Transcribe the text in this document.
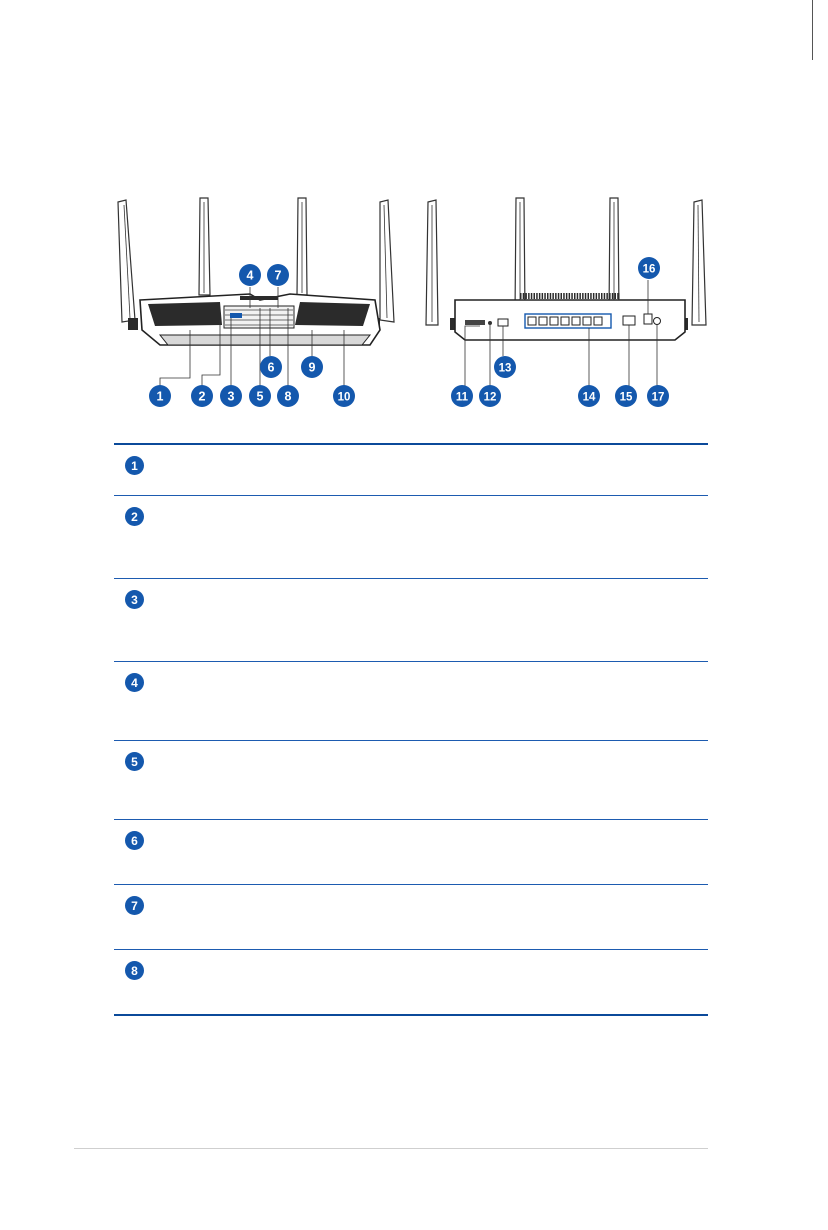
1	2 3
4
5
6
7
8
9
10	11 12
13
14 15
16
17
1
2
3
4
5
6
7
8
